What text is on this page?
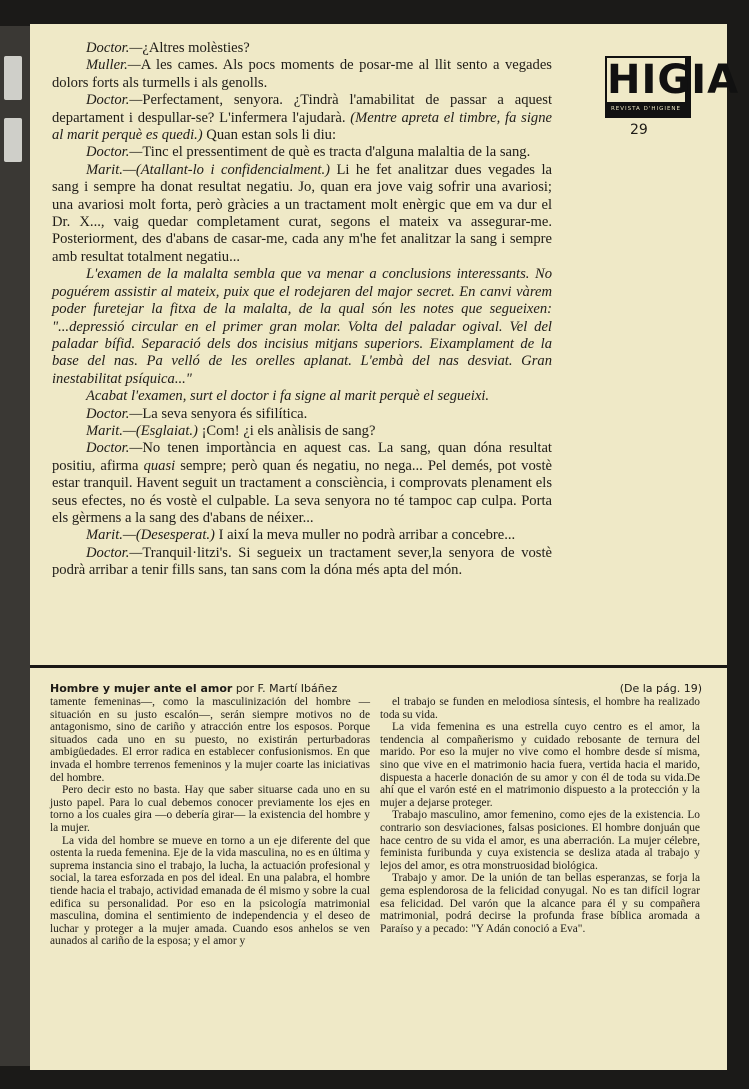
Doctor.—¿Altres molèsties?

Muller.—A les cames. Als pocs moments de posar-me al llit sento a vegades dolors forts als turmells i als genolls.

Doctor.—Perfectament, senyora. ¿Tindrà l'amabilitat de passar a aquest departament i despullar-se? L'infermera l'ajudarà. (Mentre apreta el timbre, fa signe al marit perquè es quedi.) Quan estan sols li diu:

Doctor.—Tinc el pressentiment de què es tracta d'alguna malaltia de la sang.

Marit.—(Atallant-lo i confidencialment.) Li he fet analitzar dues vegades la sang i sempre ha donat resultat negatiu. Jo, quan era jove vaig sofrir una avariosi; una avariosi molt forta, però gràcies a un tractament molt enèrgic que em va dur el Dr. X..., vaig quedar completament curat, segons el mateix va assegurar-me. Posteriorment, des d'abans de casar-me, cada any m'he fet analitzar la sang i sempre amb resultat totalment negatiu...

L'examen de la malalta sembla que va menar a conclusions interessants. No poguérem assistir al mateix, puix que el rodejaren del major secret. En canvi vàrem poder furetejar la fitxa de la malalta, de la qual són les notes que segueixen: "...depressió circular en el primer gran molar. Volta del paladar ogival. Vel del paladar bífid. Separació dels dos incisius mitjans superiors. Eixamplament de la base del nas. Pa velló de les orelles aplanat. L'embà del nas desviat. Gran inestabilitat psíquica..."

Acabat l'examen, surt el doctor i fa signe al marit perquè el segueixi.

Doctor.—La seva senyora és sifilítica.

Marit.—(Esglaiat.) ¡Com! ¿i els anàlisis de sang?

Doctor.—No tenen importància en aquest cas. La sang, quan dóna resultat positiu, afirma quasi sempre; però quan és negatiu, no nega... Pel demés, pot vostè estar tranquil. Havent seguit un tractament a consciència, i comprovats plenament els seus efectes, no és vostè el culpable. La seva senyora no té tampoc cap culpa. Porta els gèrmens a la sang des d'abans de néixer...

Marit.—(Desesperat.) I així la meva muller no podrà arribar a concebre...

Doctor.—Tranquil·litzi's. Si segueix un tractament sever,la senyora de vostè podrà arribar a tenir fills sans, tan sans com la dóna més apta del món.

HIGIA
REVISTA D'HIGIENE
29
Hombre y mujer ante el amor por F. Martí Ibáñez	(De la pág. 19)

tamente femeninas—, como la masculinización del hombre —situación en su justo escalón—, serán siempre motivos no de antagonismo, sino de cariño y atracción entre los esposos. Porque situados cada uno en su puesto, no existirán perturbadoras ambigüedades. El error radica en establecer confusionismos. En que invada el hombre terrenos femeninos y la mujer coarte las iniciativas del hombre.

Pero decir esto no basta. Hay que saber situarse cada uno en su justo papel. Para lo cual debemos conocer previamente los ejes en torno a los cuales gira —o debería girar— la existencia del hombre y la mujer.

La vida del hombre se mueve en torno a un eje diferente del que ostenta la rueda femenina. Eje de la vida masculina, no es en última y suprema instancia sino el trabajo, la lucha, la actuación profesional y social, la tarea esforzada en pos del ideal. En una palabra, el hombre tiende hacia el trabajo, actividad emanada de él mismo y sobre la cual edifica su personalidad. Por eso en la psicología matrimonial masculina, domina el sentimiento de independencia y el deseo de luchar y proteger a la mujer amada. Cuando esos anhelos se ven aunados al cariño de la esposa; y el amor y

el trabajo se funden en melodiosa síntesis, el hombre ha realizado toda su vida.

La vida femenina es una estrella cuyo centro es el amor, la tendencia al compañerismo y cuidado rebosante de ternura del marido. Por eso la mujer no vive como el hombre desde sí misma, sino que vive en el matrimonio hacia fuera, vertida hacia el marido, dispuesta a hacerle donación de su amor y con él de toda su vida.De ahí que el varón esté en el matrimonio dispuesto a la protección y la mujer a dejarse proteger.

Trabajo masculino, amor femenino, como ejes de la existencia. Lo contrario son desviaciones, falsas posiciones. El hombre donjuán que hace centro de su vida el amor, es una aberración. La mujer célebre, feminista furibunda y cuya existencia se desliza atada al trabajo y lejos del amor, es otra monstruosidad biológica.

Trabajo y amor. De la unión de tan bellas esperanzas, se forja la gema esplendorosa de la felicidad conyugal. No es tan difícil lograr esa felicidad. Del varón que la alcance para él y su compañera matrimonial, podrá decirse la profunda frase bíblica aromada a Paraíso y a pecado: "Y Adán conoció a Eva".
